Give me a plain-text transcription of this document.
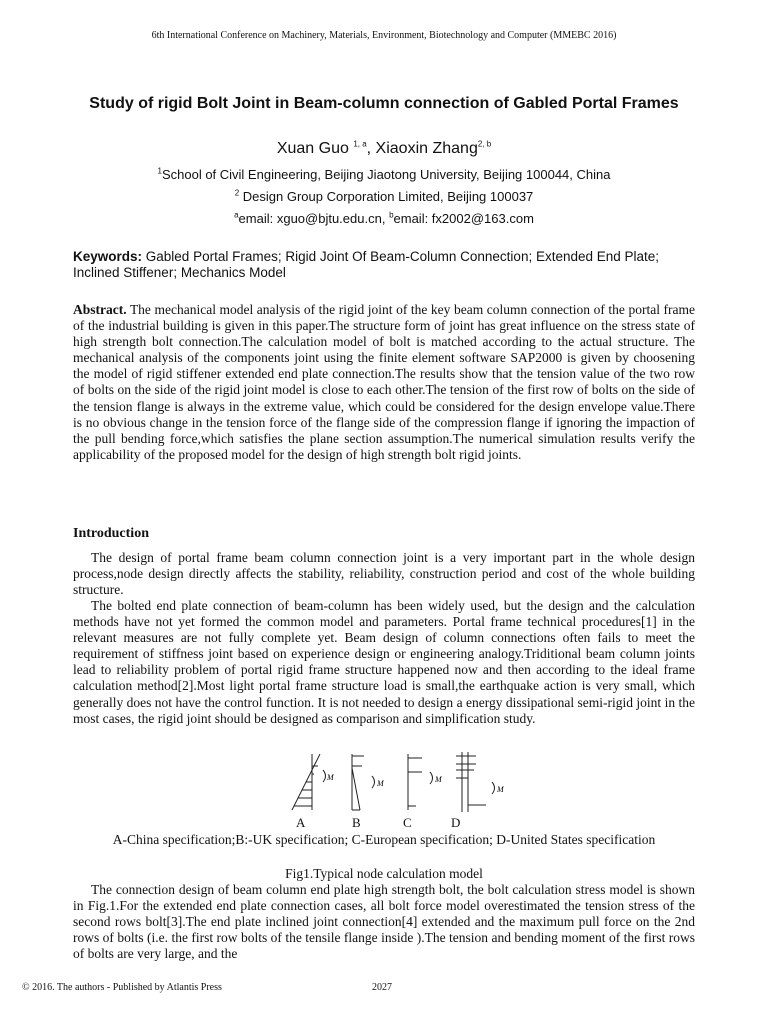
6th International Conference on Machinery, Materials, Environment, Biotechnology and Computer (MMEBC 2016)
Study of rigid Bolt Joint in Beam-column connection of Gabled Portal Frames
Xuan Guo $^{1, a}$, Xiaoxin Zhang$^{2, b}$
$^1$School of Civil Engineering, Beijing Jiaotong University, Beijing 100044, China
$^2$ Design Group Corporation Limited, Beijing 100037
$^a$email: xguo@bjtu.edu.cn, $^b$email: fx2002@163.com
Keywords: Gabled Portal Frames; Rigid Joint Of Beam-Column Connection; Extended End Plate; Inclined Stiffener; Mechanics Model
Abstract. The mechanical model analysis of the rigid joint of the key beam column connection of the portal frame of the industrial building is given in this paper.The structure form of joint has great influence on the stress state of high strength bolt connection.The calculation model of bolt is matched according to the actual structure. The mechanical analysis of the components joint using the finite element software SAP2000 is given by choosening the model of rigid stiffener extended end plate connection.The results show that the tension value of the two row of bolts on the side of the rigid joint model is close to each other.The tension of the first row of bolts on the side of the tension flange is always in the extreme value, which could be considered for the design envelope value.There is no obvious change in the tension force of the flange side of the compression flange if ignoring the impaction of the pull bending force,which satisfies the plane section assumption.The numerical simulation results verify the applicability of the proposed model for the design of high strength bolt rigid joints.
Introduction
The design of portal frame beam column connection joint is a very important part in the whole design process,node design directly affects the stability, reliability, construction period and cost of the whole building structure.
The bolted end plate connection of beam-column has been widely used, but the design and the calculation methods have not yet formed the common model and parameters. Portal frame technical procedures[1] in the relevant measures are not fully complete yet. Beam design of column connections often fails to meet the requirement of stiffness joint based on experience design or engineering analogy.Triditional beam column joints lead to reliability problem of portal rigid frame structure happened now and then according to the ideal frame calculation method[2].Most light portal frame structure load is small,the earthquake action is very small, which generally does not have the control function. It is not needed to design a energy dissipational semi-rigid joint in the most cases, the rigid joint should be designed as comparison and simplification study.
M
M	M
M
A	B	C	D
A-China specification;B:-UK specification; C-European specification; D-United States specification
Fig1.Typical node calculation model
The connection design of beam column end plate high strength bolt, the bolt calculation stress model is shown in Fig.1.For the extended end plate connection cases, all bolt force model overestimated the tension stress of the second rows bolt[3].The end plate inclined joint connection[4] extended and the maximum pull force on the 2nd rows of bolts (i.e. the first row bolts of the tensile flange inside ).The tension and bending moment of the first rows of bolts are very large, and the
© 2016. The authors - Published by Atlantis Press	2027
